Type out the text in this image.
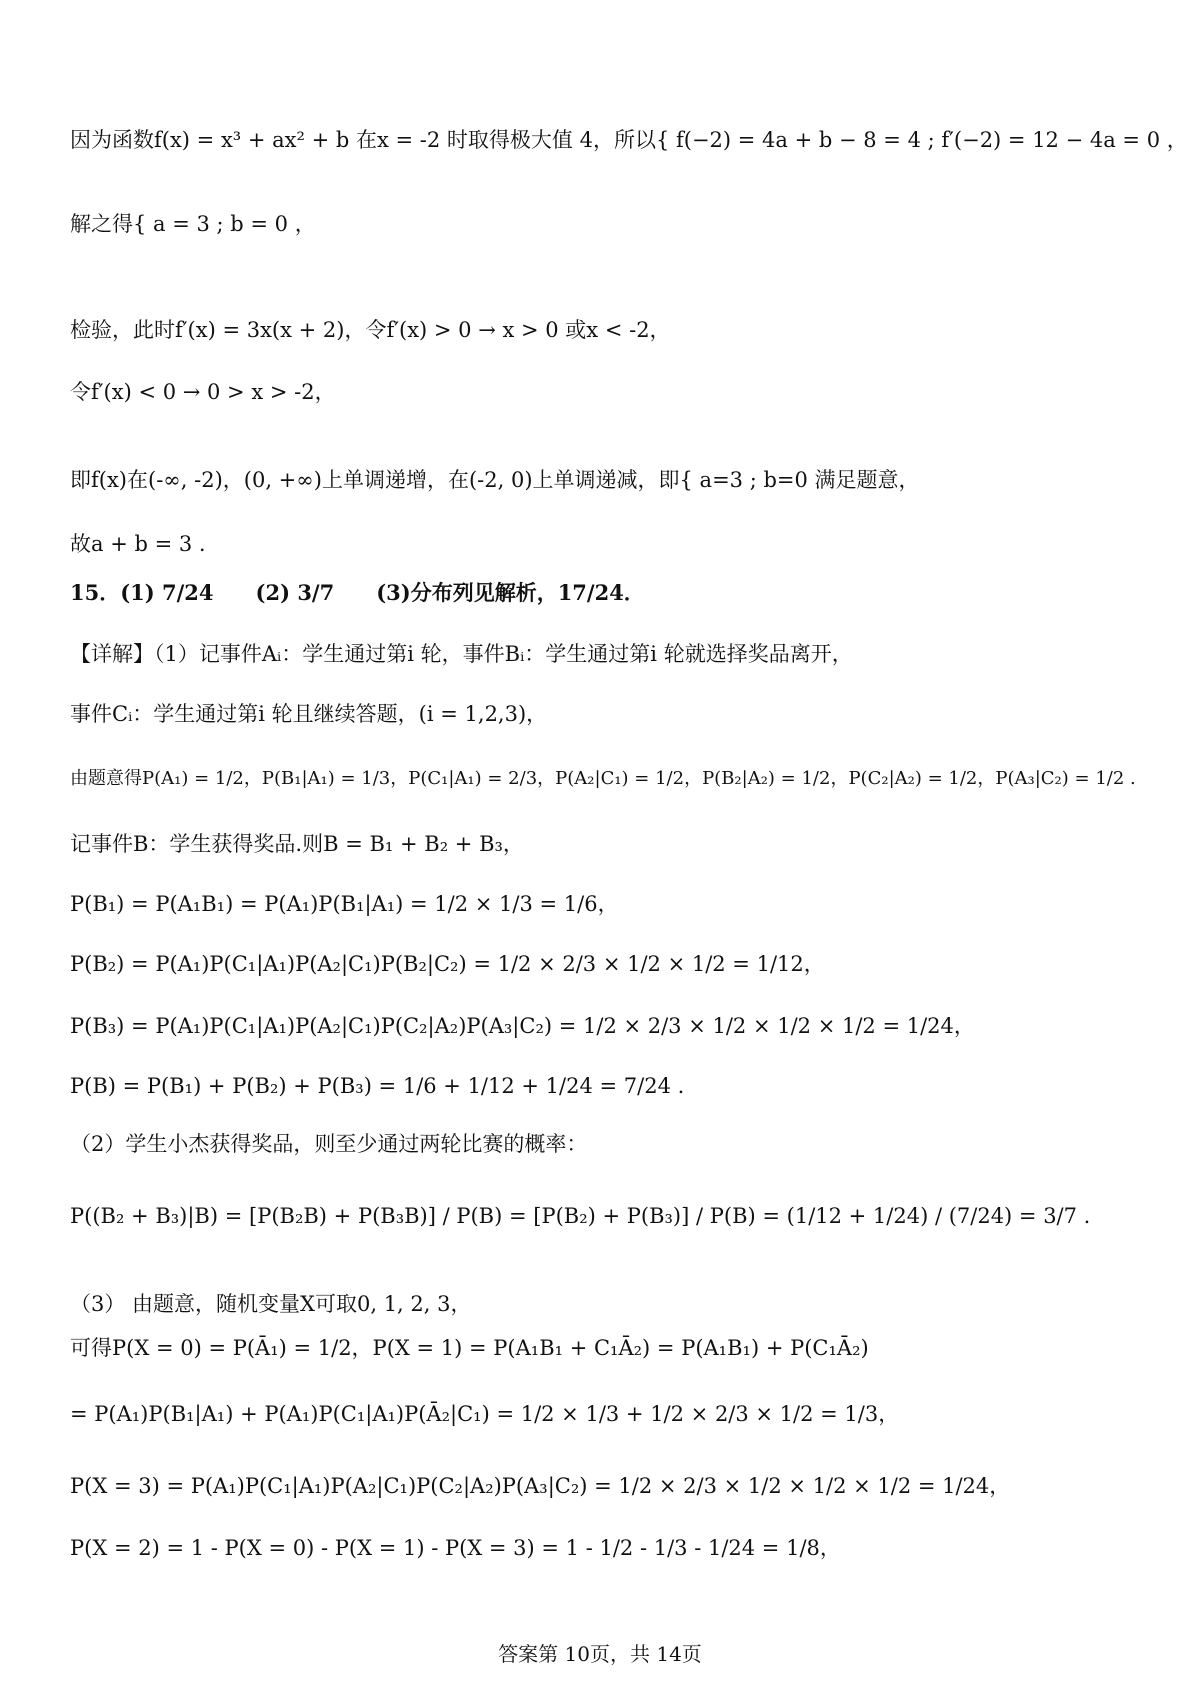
因为函数f(x) = x³ + ax² + b 在x = -2 时取得极大值 4，所以{ f(−2) = 4a + b − 8 = 4 ; f′(−2) = 12 − 4a = 0 ，
解之得{ a = 3 ; b = 0 ，
检验，此时f′(x) = 3x(x + 2)，令f′(x) > 0 → x > 0 或x < -2，
令f′(x) < 0 → 0 > x > -2，
即f(x)在(-∞, -2)，(0, +∞)上单调递增，在(-2, 0)上单调递减，即{ a=3 ; b=0 满足题意，
故a + b = 3 .
15．(1) 7/24　　(2) 3/7　　(3)分布列见解析，17/24．
【详解】（1）记事件Aᵢ：学生通过第i 轮，事件Bᵢ：学生通过第i 轮就选择奖品离开，
事件Cᵢ：学生通过第i 轮且继续答题，(i = 1,2,3)，
由题意得P(A₁) = 1/2，P(B₁|A₁) = 1/3，P(C₁|A₁) = 2/3，P(A₂|C₁) = 1/2，P(B₂|A₂) = 1/2，P(C₂|A₂) = 1/2，P(A₃|C₂) = 1/2 .
记事件B：学生获得奖品.则B = B₁ + B₂ + B₃，
P(B₁) = P(A₁B₁) = P(A₁)P(B₁|A₁) = 1/2 × 1/3 = 1/6，
P(B₂) = P(A₁)P(C₁|A₁)P(A₂|C₁)P(B₂|C₂) = 1/2 × 2/3 × 1/2 × 1/2 = 1/12，
P(B₃) = P(A₁)P(C₁|A₁)P(A₂|C₁)P(C₂|A₂)P(A₃|C₂) = 1/2 × 2/3 × 1/2 × 1/2 × 1/2 = 1/24，
P(B) = P(B₁) + P(B₂) + P(B₃) = 1/6 + 1/12 + 1/24 = 7/24 .
（2）学生小杰获得奖品，则至少通过两轮比赛的概率：
P((B₂ + B₃)|B) = [P(B₂B) + P(B₃B)] / P(B) = [P(B₂) + P(B₃)] / P(B) = (1/12 + 1/24) / (7/24) = 3/7 .
（3） 由题意，随机变量X可取0, 1, 2, 3，
可得P(X = 0) = P(Ā₁) = 1/2，P(X = 1) = P(A₁B₁ + C₁Ā₂) = P(A₁B₁) + P(C₁Ā₂)
= P(A₁)P(B₁|A₁) + P(A₁)P(C₁|A₁)P(Ā₂|C₁) = 1/2 × 1/3 + 1/2 × 2/3 × 1/2 = 1/3，
P(X = 3) = P(A₁)P(C₁|A₁)P(A₂|C₁)P(C₂|A₂)P(A₃|C₂) = 1/2 × 2/3 × 1/2 × 1/2 × 1/2 = 1/24，
P(X = 2) = 1 - P(X = 0) - P(X = 1) - P(X = 3) = 1 - 1/2 - 1/3 - 1/24 = 1/8，
答案第 10页，共 14页
